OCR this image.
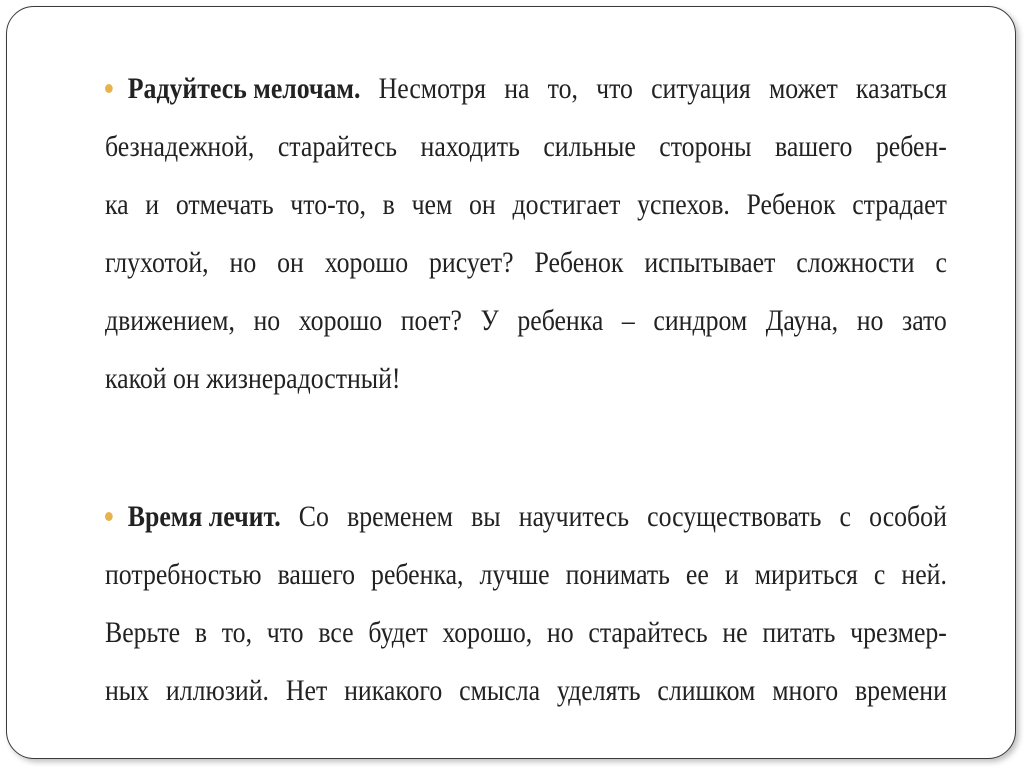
Радуйтесь мелочам. Несмотря на то, что ситуация может казаться
безнадежной, старайтесь находить сильные стороны вашего ребен-
ка и отмечать что-то, в чем он достигает успехов. Ребенок страдает
глухотой, но он хорошо рисует? Ребенок испытывает сложности с
движением, но хорошо поет? У ребенка – синдром Дауна, но зато
какой он жизнерадостный!
Время лечит. Со временем вы научитесь сосуществовать с особой
потребностью вашего ребенка, лучше понимать ее и мириться с ней.
Верьте в то, что все будет хорошо, но старайтесь не питать чрезмер-
ных иллюзий. Нет никакого смысла уделять слишком много времени
